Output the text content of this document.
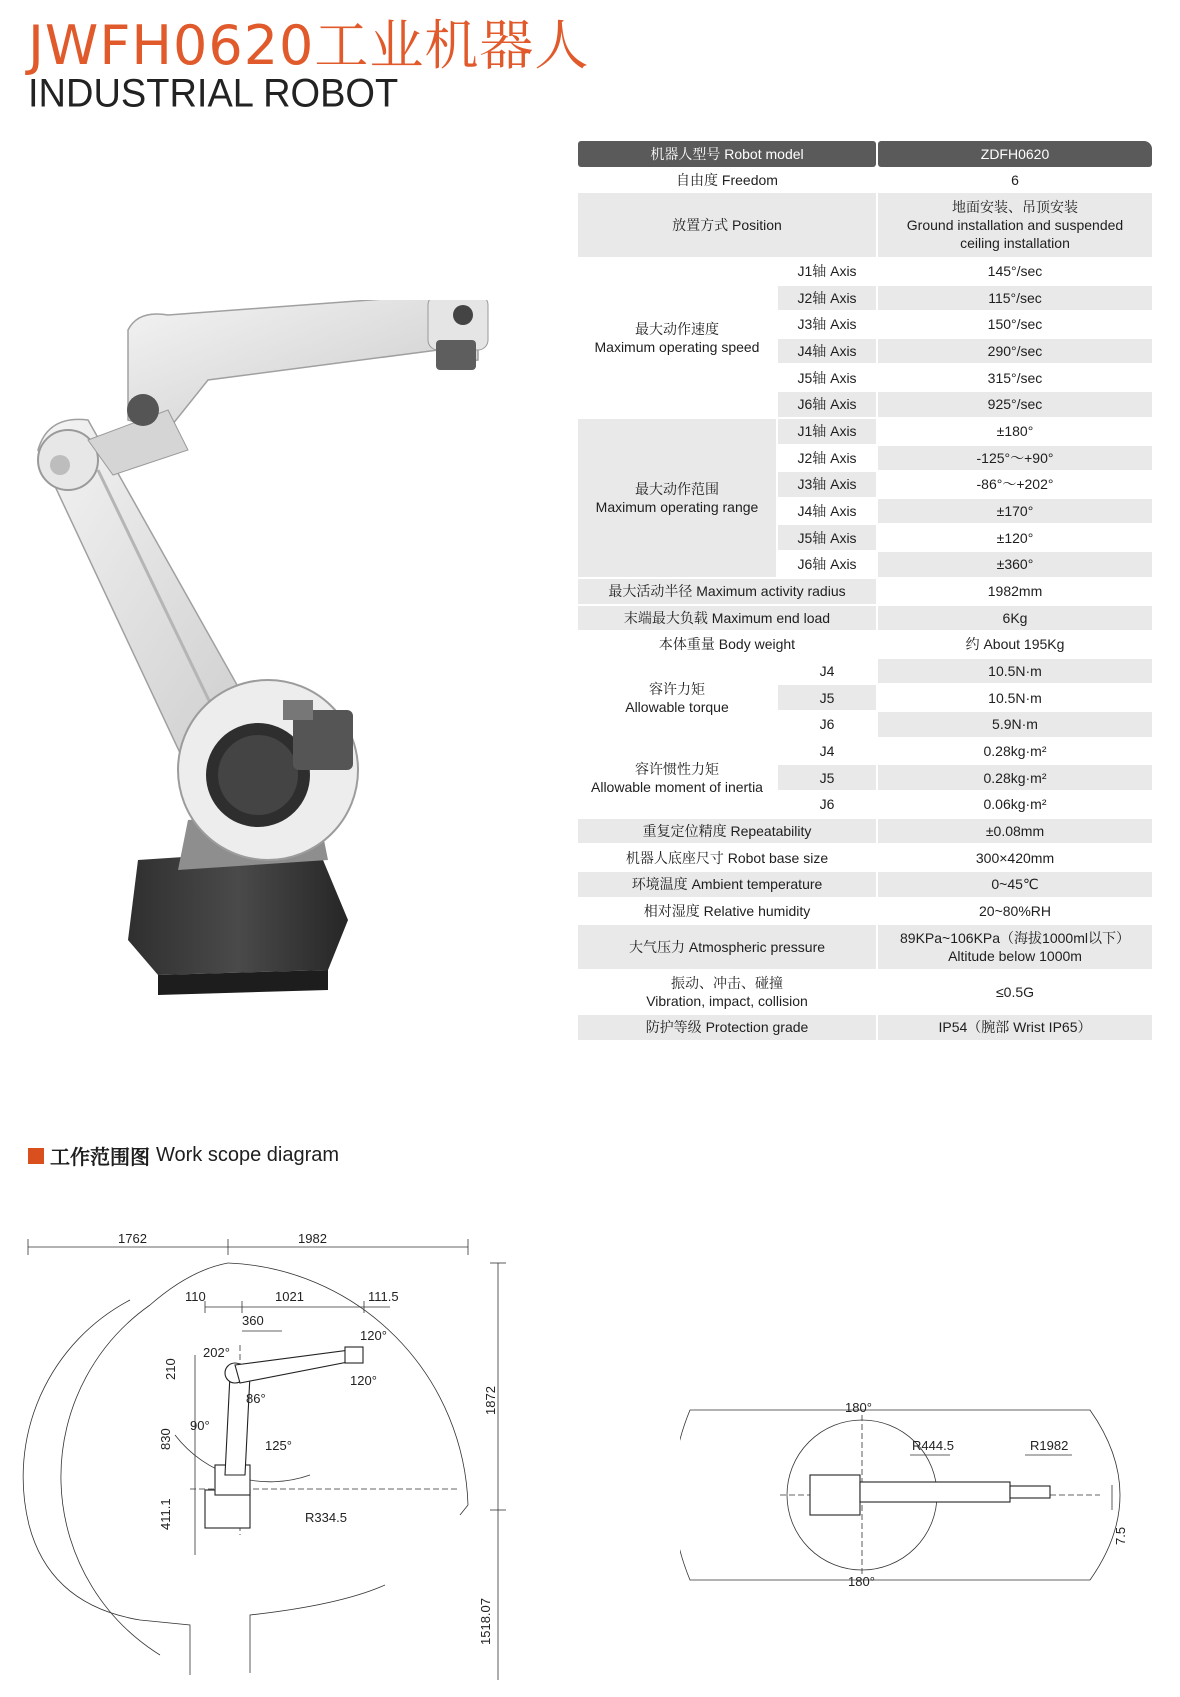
JWFH0620工业机器人
INDUSTRIAL ROBOT
机器人型号 Robot model	ZDFH0620
自由度 Freedom	6
放置方式 Position
地面安装、吊顶安装
Ground installation and suspended
ceiling installation
最大动作速度
Maximum operating speed
J1轴 Axis	145°/sec
J2轴 Axis	115°/sec
J3轴 Axis	150°/sec
J4轴 Axis	290°/sec
J5轴 Axis	315°/sec
J6轴 Axis	925°/sec
最大动作范围
Maximum operating range
J1轴 Axis	±180°
J2轴 Axis	-125°～+90°
J3轴 Axis	-86°～+202°
J4轴 Axis	±170°
J5轴 Axis	±120°
J6轴 Axis	±360°
最大活动半径 Maximum activity radius	1982mm
末端最大负载 Maximum end load	6Kg
本体重量 Body weight	约 About 195Kg
容许力矩
Allowable torque
J4	10.5N·m
J5	10.5N·m
J6	5.9N·m
容许惯性力矩
Allowable moment of inertia
J4	0.28kg·m²
J5	0.28kg·m²
J6	0.06kg·m²
重复定位精度 Repeatability	±0.08mm
机器人底座尺寸 Robot base size	300×420mm
环境温度 Ambient temperature	0~45℃
相对湿度 Relative humidity	20~80%RH
大气压力 Atmospheric pressure
89KPa~106KPa（海拔1000ml以下）
Altitude below 1000m
振动、冲击、碰撞
Vibration, impact, collision
≤0.5G
防护等级 Protection grade	IP54（腕部 Wrist IP65）
工作范围图 Work scope diagram
1762	1982
110	1021	111.5
360
210
830
411.1
1872
1518.07
202°
86°
90°
125°
120°
120°
R334.5
180°
180°
R444.5	R1982
7.5
